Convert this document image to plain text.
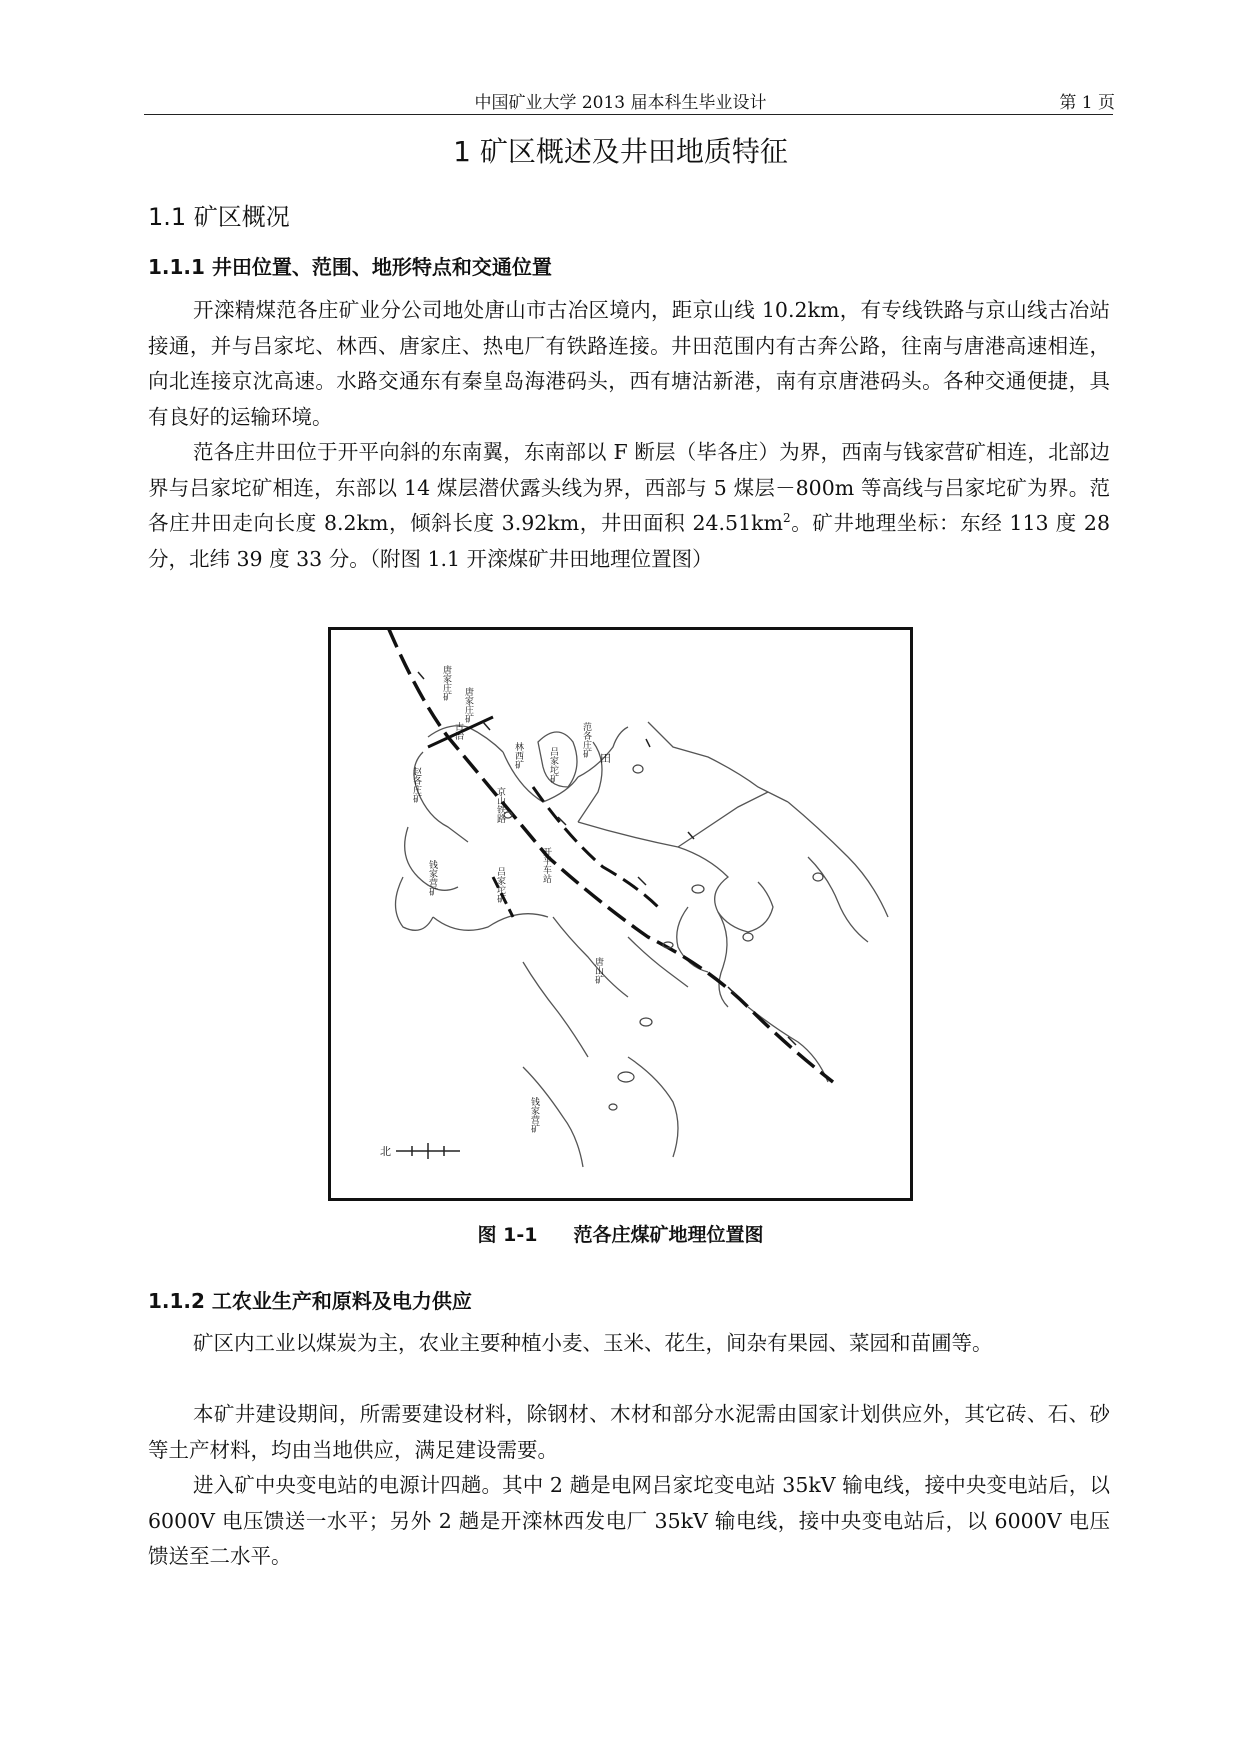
中国矿业大学 2013 届本科生毕业设计	第 1 页
1 矿区概述及井田地质特征
1.1 矿区概况
1.1.1 井田位置、范围、地形特点和交通位置
开滦精煤范各庄矿业分公司地处唐山市古冶区境内，距京山线 10.2km，有专线铁路与京山线古冶站接通，并与吕家坨、林西、唐家庄、热电厂有铁路连接。井田范围内有古奔公路，往南与唐港高速相连，向北连接京沈高速。水路交通东有秦皇岛海港码头，西有塘沽新港，南有京唐港码头。各种交通便捷，具有良好的运输环境。
范各庄井田位于开平向斜的东南翼，东南部以 F 断层（毕各庄）为界，西南与钱家营矿相连，北部边界与吕家坨矿相连，东部以 14 煤层潜伏露头线为界，西部与 5 煤层－800m 等高线与吕家坨矿为界。范各庄井田走向长度 8.2km，倾斜长度 3.92km，井田面积 $24.51km^2$。矿井地理坐标：东经 113 度 28 分，北纬 39 度 33 分。（附图 1.1 开滦煤矿井田地理位置图）
唐家庄矿
唐家庄矿
古冶
林西矿	吕家坨矿
范各庄矿
赵各庄矿
京山铁路
开平车站
钱家营矿	吕家坨矿
唐山矿
钱家营矿
田
北
图 1-1 范各庄煤矿地理位置图
1.1.2 工农业生产和原料及电力供应
矿区内工业以煤炭为主，农业主要种植小麦、玉米、花生，间杂有果园、菜园和苗圃等。
本矿井建设期间，所需要建设材料，除钢材、木材和部分水泥需由国家计划供应外，其它砖、石、砂等土产材料，均由当地供应，满足建设需要。
进入矿中央变电站的电源计四趟。其中 2 趟是电网吕家坨变电站 35kV 输电线，接中央变电站后，以 6000V 电压馈送一水平；另外 2 趟是开滦林西发电厂 35kV 输电线，接中央变电站后，以 6000V 电压馈送至二水平。
